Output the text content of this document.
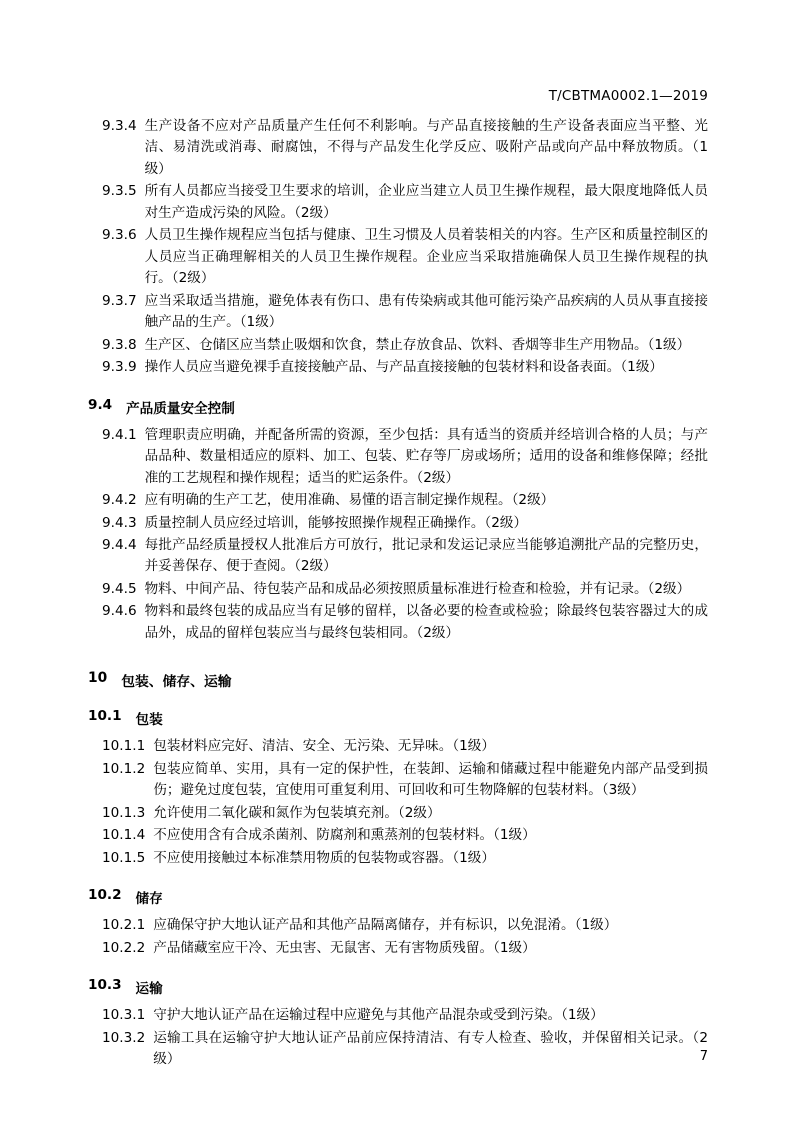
T/CBTMA0002.1—2019
9.3.4 生产设备不应对产品质量产生任何不利影响。与产品直接接触的生产设备表面应当平整、光洁、易清洗或消毒、耐腐蚀，不得与产品发生化学反应、吸附产品或向产品中释放物质。（1级）
9.3.5 所有人员都应当接受卫生要求的培训，企业应当建立人员卫生操作规程，最大限度地降低人员对生产造成污染的风险。（2级）
9.3.6 人员卫生操作规程应当包括与健康、卫生习惯及人员着装相关的内容。生产区和质量控制区的人员应当正确理解相关的人员卫生操作规程。企业应当采取措施确保人员卫生操作规程的执行。（2级）
9.3.7 应当采取适当措施，避免体表有伤口、患有传染病或其他可能污染产品疾病的人员从事直接接触产品的生产。（1级）
9.3.8 生产区、仓储区应当禁止吸烟和饮食，禁止存放食品、饮料、香烟等非生产用物品。（1级）
9.3.9 操作人员应当避免裸手直接接触产品、与产品直接接触的包装材料和设备表面。（1级）
9.4	产品质量安全控制
9.4.1 管理职责应明确，并配备所需的资源，至少包括：具有适当的资质并经培训合格的人员；与产品品种、数量相适应的原料、加工、包装、贮存等厂房或场所；适用的设备和维修保障；经批准的工艺规程和操作规程；适当的贮运条件。（2级）
9.4.2 应有明确的生产工艺，使用准确、易懂的语言制定操作规程。（2级）
9.4.3 质量控制人员应经过培训，能够按照操作规程正确操作。（2级）
9.4.4 每批产品经质量授权人批准后方可放行，批记录和发运记录应当能够追溯批产品的完整历史，并妥善保存、便于查阅。（2级）
9.4.5 物料、中间产品、待包装产品和成品必须按照质量标准进行检查和检验，并有记录。（2级）
9.4.6 物料和最终包装的成品应当有足够的留样，以备必要的检查或检验；除最终包装容器过大的成品外，成品的留样包装应当与最终包装相同。（2级）
10	包装、储存、运输
10.1	包装
10.1.1 包装材料应完好、清洁、安全、无污染、无异味。（1级）
10.1.2 包装应简单、实用，具有一定的保护性，在装卸、运输和储藏过程中能避免内部产品受到损伤；避免过度包装，宜使用可重复利用、可回收和可生物降解的包装材料。（3级）
10.1.3 允许使用二氧化碳和氮作为包装填充剂。（2级）
10.1.4 不应使用含有合成杀菌剂、防腐剂和熏蒸剂的包装材料。（1级）
10.1.5 不应使用接触过本标准禁用物质的包装物或容器。（1级）
10.2	储存
10.2.1 应确保守护大地认证产品和其他产品隔离储存，并有标识，以免混淆。（1级）
10.2.2 产品储藏室应干冷、无虫害、无鼠害、无有害物质残留。（1级）
10.3	运输
10.3.1 守护大地认证产品在运输过程中应避免与其他产品混杂或受到污染。（1级）
10.3.2 运输工具在运输守护大地认证产品前应保持清洁、有专人检查、验收，并保留相关记录。（2级）	7
